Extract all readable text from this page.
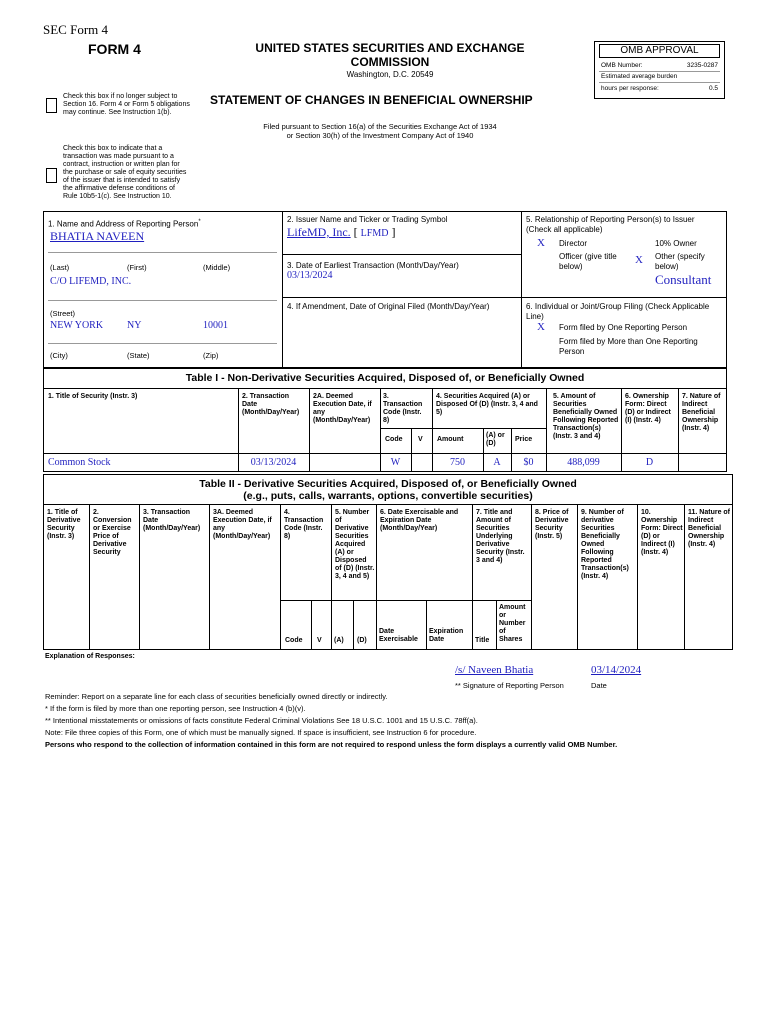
SEC Form 4
FORM 4	UNITED STATES SECURITIES AND EXCHANGE
COMMISSION
Washington, D.C. 20549
STATEMENT OF CHANGES IN BENEFICIAL OWNERSHIP
Filed pursuant to Section 16(a) of the Securities Exchange Act of 1934
or Section 30(h) of the Investment Company Act of 1940
Check this box if no longer subject to Section 16. Form 4 or Form 5 obligations may continue. See Instruction 1(b).
Check this box to indicate that a transaction was made pursuant to a contract, instruction or written plan for the purchase or sale of equity securities of the issuer that is intended to satisfy the affirmative defense conditions of Rule 10b5-1(c). See Instruction 10.
OMB APPROVAL
OMB Number:	3235-0287
Estimated average burden
hours per response:	0.5
1. Name and Address of Reporting Person*
BHATIA NAVEEN
(Last)	(First)	(Middle)
C/O LIFEMD, INC.
(Street)
NEW YORK NY	10001
(City)	(State)	(Zip)
2. Issuer Name and Ticker or Trading Symbol
LifeMD, Inc. [ LFMD ]
3. Date of Earliest Transaction (Month/Day/Year)
03/13/2024
4. If Amendment, Date of Original Filed (Month/Day/Year)
5. Relationship of Reporting Person(s) to Issuer
(Check all applicable)
X Director	10% Owner
Officer (give title below)
X Other (specify below)
Consultant
6. Individual or Joint/Group Filing (Check Applicable Line)
X Form filed by One Reporting Person
Form filed by More than One Reporting Person
Table I - Non-Derivative Securities Acquired, Disposed of, or Beneficially Owned
1. Title of Security (Instr. 3)	2. Transaction Date (Month/Day/Year)
2A. Deemed Execution Date, if any (Month/Day/Year)
3. Transaction Code (Instr. 8)
4. Securities Acquired (A) or Disposed Of (D) (Instr. 3, 4 and 5)
5. Amount of Securities Beneficially Owned Following Reported Transaction(s) (Instr. 3 and 4)
6. Ownership Form: Direct (D) or Indirect (I) (Instr. 4)
7. Nature of Indirect Beneficial Ownership (Instr. 4)
Code V Amount
(A) or (D)
Price
Common Stock	03/13/2024	W	750	A	$0	488,099	D
Table II - Derivative Securities Acquired, Disposed of, or Beneficially Owned
(e.g., puts, calls, warrants, options, convertible securities)
1. Title of Derivative Security (Instr. 3)
2. Conversion or Exercise Price of Derivative Security
3. Transaction Date (Month/Day/Year)
3A. Deemed Execution Date, if any (Month/Day/Year)
4. Transaction Code (Instr. 8)
5. Number of Derivative Securities Acquired (A) or Disposed of (D) (Instr. 3, 4 and 5)
6. Date Exercisable and Expiration Date (Month/Day/Year)
7. Title and Amount of Securities Underlying Derivative Security (Instr. 3 and 4)
8. Price of Derivative Security (Instr. 5)
9. Number of derivative Securities Beneficially Owned Following Reported Transaction(s) (Instr. 4)
10. Ownership Form: Direct (D) or Indirect (I) (Instr. 4)
11. Nature of Indirect Beneficial Ownership (Instr. 4)
Code V (A) (D)
Date Exercisable
Expiration Date	Title
Amount or Number of Shares
Explanation of Responses:
/s/ Naveen Bhatia	03/14/2024
** Signature of Reporting Person	Date
Reminder: Report on a separate line for each class of securities beneficially owned directly or indirectly.
* If the form is filed by more than one reporting person, see Instruction 4 (b)(v).
** Intentional misstatements or omissions of facts constitute Federal Criminal Violations See 18 U.S.C. 1001 and 15 U.S.C. 78ff(a).
Note: File three copies of this Form, one of which must be manually signed. If space is insufficient, see Instruction 6 for procedure.
Persons who respond to the collection of information contained in this form are not required to respond unless the form displays a currently valid OMB Number.
